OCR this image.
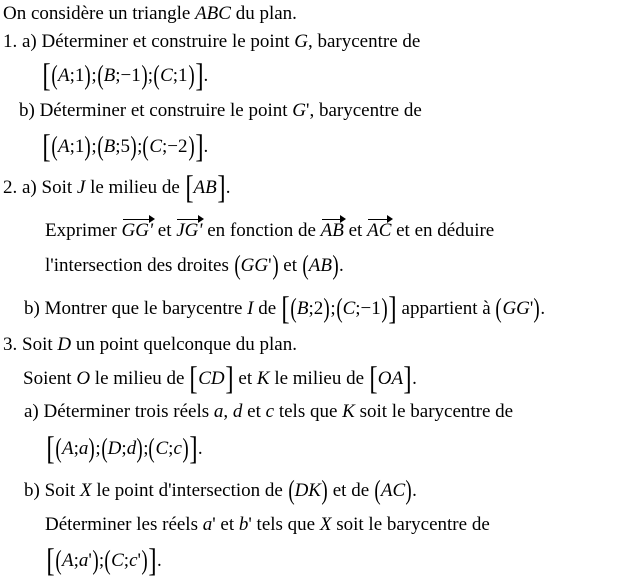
On considère un triangle ABC du plan.
1. a) Déterminer et construire le point G, barycentre de
[(A;1);(B;−1);(C;1)].
b) Déterminer et construire le point G', barycentre de
[(A;1);(B;5);(C;−2)].
2. a) Soit J le milieu de [AB].
Exprimer GG' et JG' en fonction de AB et AC et en déduire
l'intersection des droites (GG') et (AB).
b) Montrer que le barycentre I de [(B;2);(C;−1)] appartient à (GG').
3. Soit D un point quelconque du plan.
Soient O le milieu de [CD] et K le milieu de [OA].
a) Déterminer trois réels a, d et c tels que K soit le barycentre de
[(A;a);(D;d);(C;c)].
b) Soit X le point d'intersection de (DK) et de (AC).
Déterminer les réels a' et b' tels que X soit le barycentre de
[(A;a');(C;c')].
